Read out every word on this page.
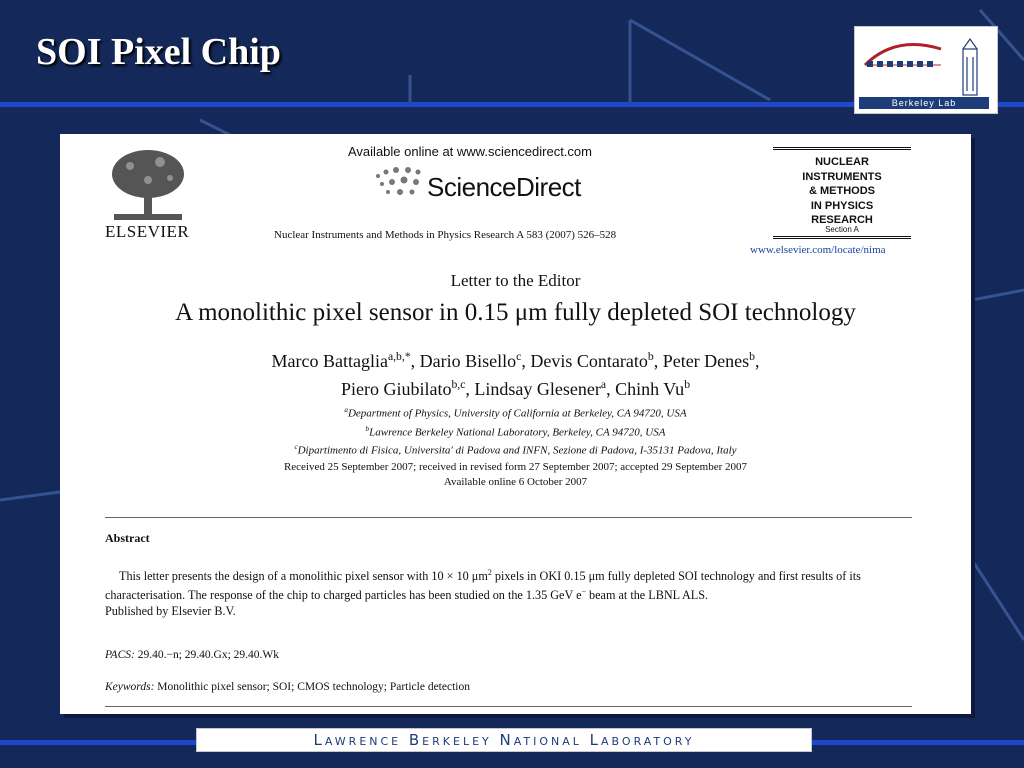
SOI Pixel Chip
Berkeley Lab
ELSEVIER
Available online at www.sciencedirect.com
ScienceDirect
Nuclear Instruments and Methods in Physics Research A 583 (2007) 526–528
NUCLEAR
INSTRUMENTS
& METHODS
IN PHYSICS
RESEARCH
Section A
www.elsevier.com/locate/nima
Letter to the Editor
A monolithic pixel sensor in 0.15 μm fully depleted SOI technology
Marco Battaglia$^{a,b,*}$, Dario Bisello$^c$, Devis Contarato$^b$, Peter Denes$^b$,
Piero Giubilato$^{b,c}$, Lindsay Glesener$^a$, Chinh Vu$^b$
$^a$Department of Physics, University of California at Berkeley, CA 94720, USA
$^b$Lawrence Berkeley National Laboratory, Berkeley, CA 94720, USA
$^c$Dipartimento di Fisica, Universita' di Padova and INFN, Sezione di Padova, I-35131 Padova, Italy
Received 25 September 2007; received in revised form 27 September 2007; accepted 29 September 2007
Available online 6 October 2007
Abstract

This letter presents the design of a monolithic pixel sensor with 10 × 10 $\mu m^2$ pixels in OKI 0.15 μm fully depleted SOI technology and first results of its characterisation. The response of the chip to charged particles has been studied on the 1.35 GeV e− beam at the LBNL ALS.

Published by Elsevier B.V.

PACS: 29.40.−n; 29.40.Gx; 29.40.Wk
Keywords: Monolithic pixel sensor; SOI; CMOS technology; Particle detection
Lawrence Berkeley National Laboratory
